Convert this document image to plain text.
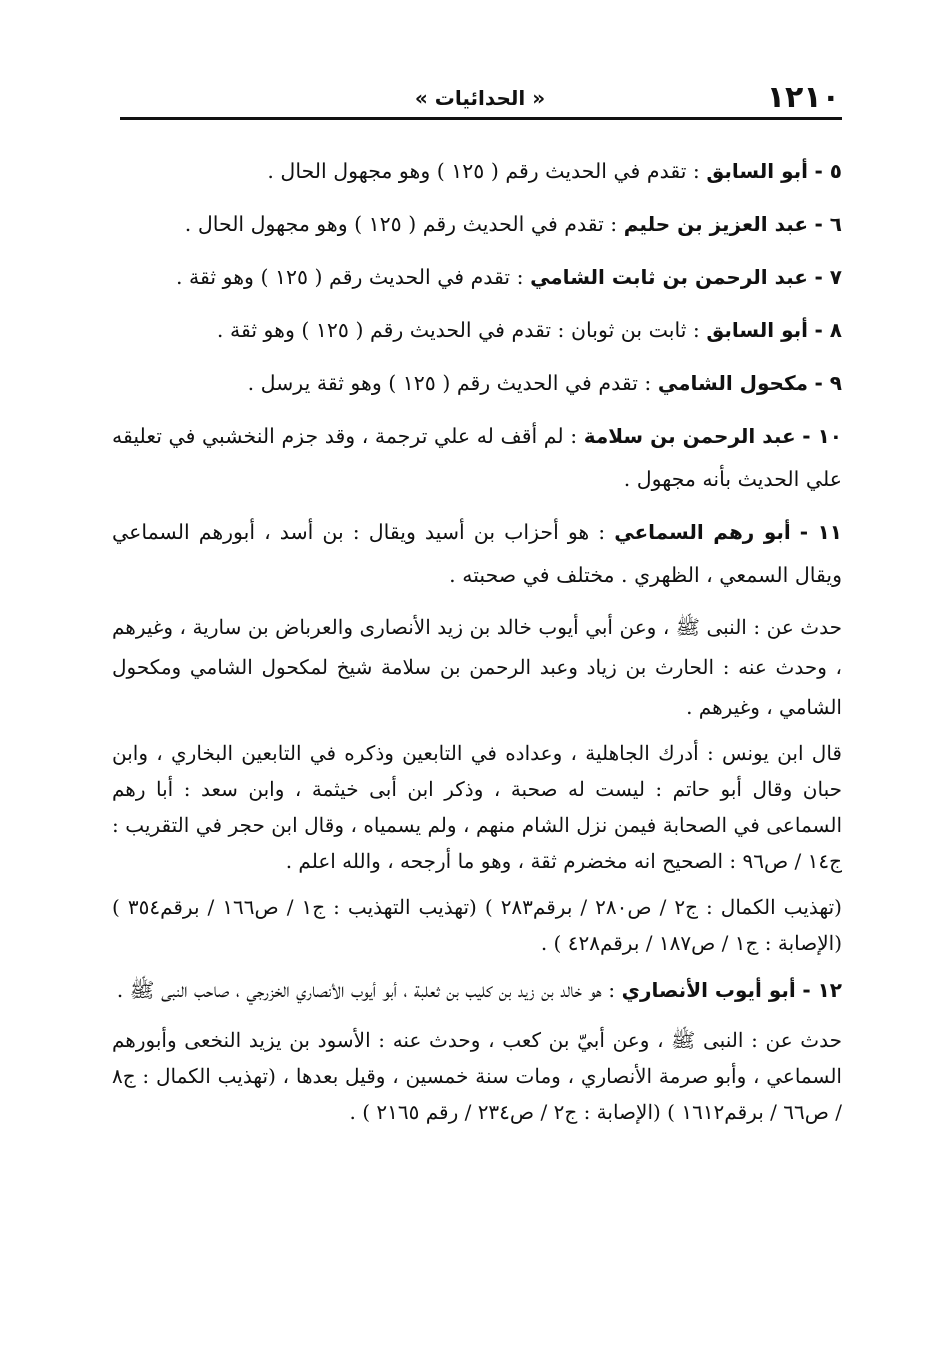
١٢١٠
« الحدائيات »

٥ - أبو السابق : تقدم في الحديث رقم ( ١٢٥ ) وهو مجهول الحال .

٦ - عبد العزيز بن حليم : تقدم في الحديث رقم ( ١٢٥ ) وهو مجهول الحال .

٧ - عبد الرحمن بن ثابت الشامي : تقدم في الحديث رقم ( ١٢٥ ) وهو ثقة .

٨ - أبو السابق : ثابت بن ثوبان : تقدم في الحديث رقم ( ١٢٥ ) وهو ثقة .

٩ - مكحول الشامي : تقدم في الحديث رقم ( ١٢٥ ) وهو ثقة يرسل .

١٠ - عبد الرحمن بن سلامة : لم أقف له علي ترجمة ، وقد جزم النخشبي في تعليقه علي الحديث بأنه مجهول .

١١ - أبو رهم السماعي : هو أحزاب بن أسيد ويقال : بن أسد ، أبورهم السماعي ويقال السمعي ، الظهري . مختلف في صحبته .

حدث عن : النبى ﷺ ، وعن أبي أيوب خالد بن زيد الأنصارى والعرباض بن سارية ، وغيرهم ، وحدث عنه : الحارث بن زياد وعبد الرحمن بن سلامة شيخ لمكحول الشامي ومكحول الشامي ، وغيرهم .

قال ابن يونس : أدرك الجاهلية ، وعداده في التابعين وذكره في التابعين البخاري ، وابن حبان وقال أبو حاتم : ليست له صحبة ، وذكر ابن أبى خيثمة ، وابن سعد : أبا رهم السماعى في الصحابة فيمن نزل الشام منهم ، ولم يسمياه ، وقال ابن حجر في التقريب : ج١٤ / ص٩٦ : الصحيح انه مخضرم ثقة ، وهو ما أرجحه ، والله اعلم .

(تهذيب الكمال : ج٢ / ص٢٨٠ / برقم٢٨٣ ) (تهذيب التهذيب : ج١ / ص١٦٦ / برقم٣٥٤ ) (الإصابة : ج١ / ص١٨٧ / برقم٤٢٨ ) .

١٢ - أبو أيوب الأنصاري : هو خالد بن زيد بن كليب بن ثعلبة ، أبو أيوب الأنصاري الخزرجي ، صاحب النبى ﷺ .

حدث عن : النبى ﷺ ، وعن أبيّ بن كعب ، وحدث عنه : الأسود بن يزيد النخعى وأبورهم السماعي ، وأبو صرمة الأنصاري ، ومات سنة خمسين ، وقيل بعدها ، (تهذيب الكمال : ج٨ / ص٦٦ / برقم١٦١٢ ) (الإصابة : ج٢ / ص٢٣٤ / رقم ٢١٦٥ ) .
